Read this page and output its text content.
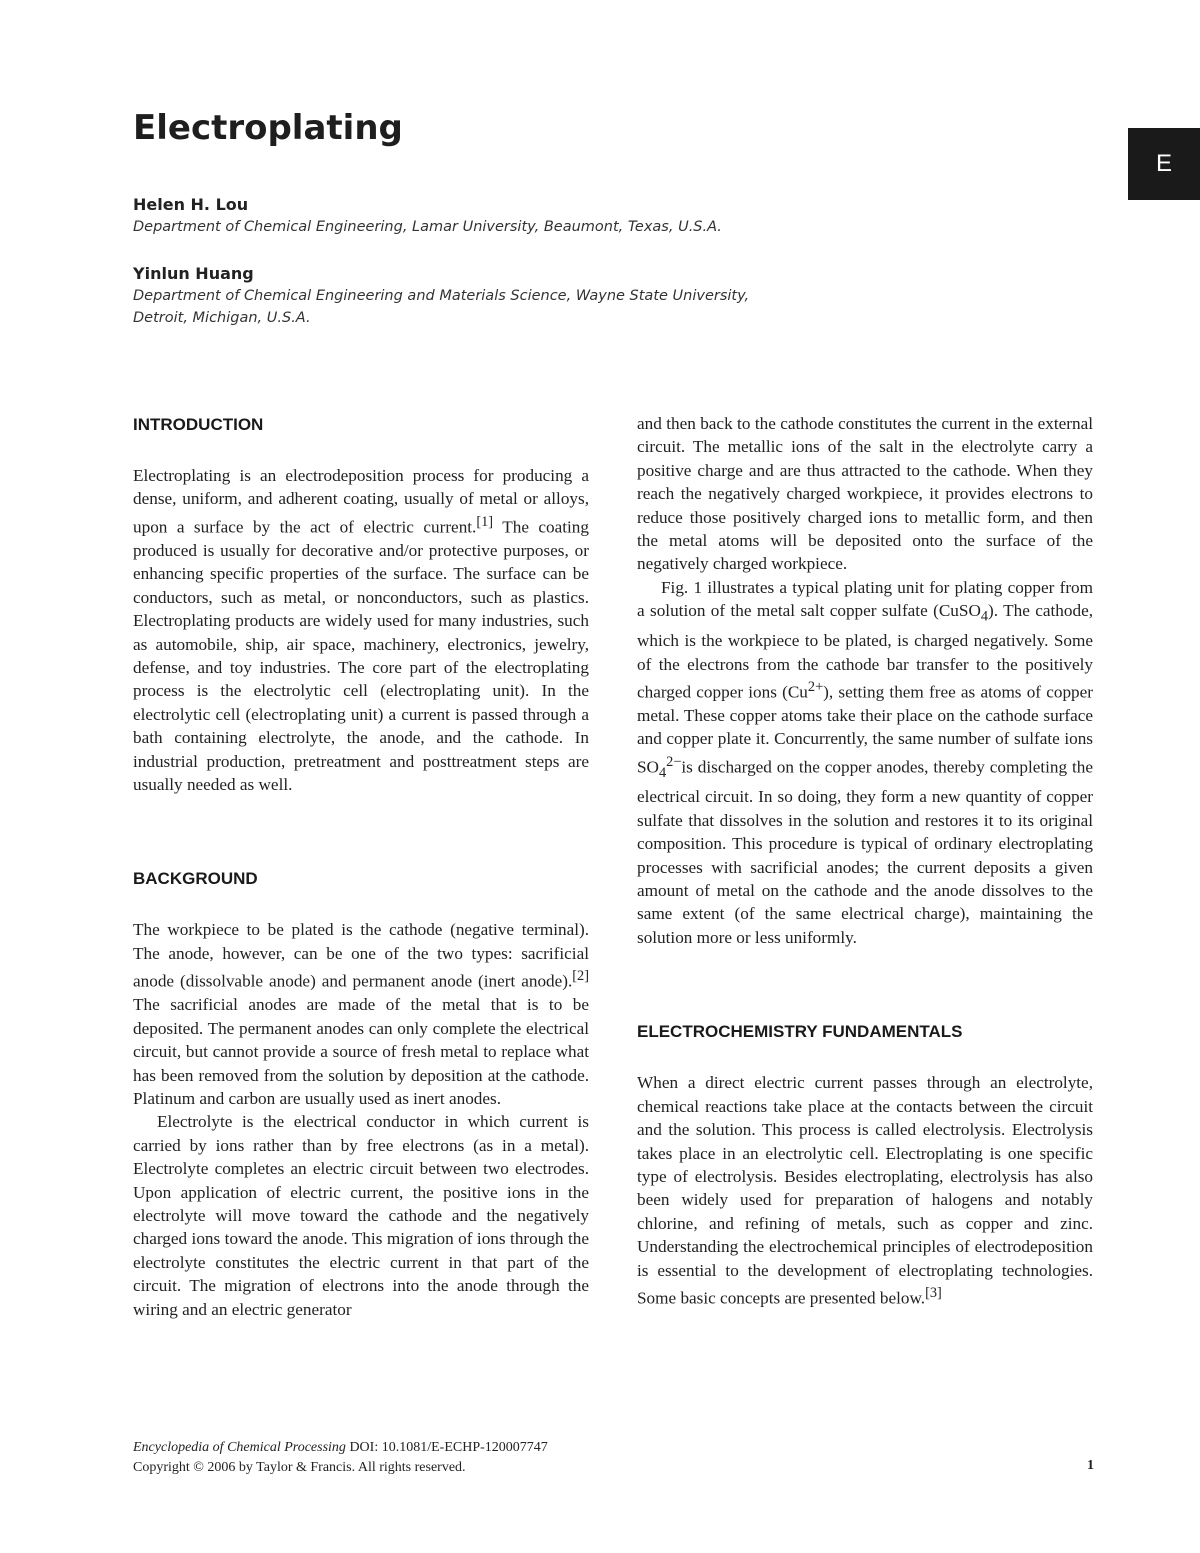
E
Electroplating

Helen H. Lou

Department of Chemical Engineering, Lamar University, Beaumont, Texas, U.S.A.

Yinlun Huang

Department of Chemical Engineering and Materials Science, Wayne State University,
Detroit, Michigan, U.S.A.
INTRODUCTION

Electroplating is an electrodeposition process for producing a dense, uniform, and adherent coating, usually of metal or alloys, upon a surface by the act of electric current.[1] The coating produced is usually for decorative and/or protective purposes, or enhancing specific properties of the surface. The surface can be conductors, such as metal, or nonconductors, such as plastics. Electroplating products are widely used for many industries, such as automobile, ship, air space, machinery, electronics, jewelry, defense, and toy industries. The core part of the electroplating process is the electrolytic cell (electroplating unit). In the electrolytic cell (electroplating unit) a current is passed through a bath containing electrolyte, the anode, and the cathode. In industrial production, pretreatment and posttreatment steps are usually needed as well.

BACKGROUND

The workpiece to be plated is the cathode (negative terminal). The anode, however, can be one of the two types: sacrificial anode (dissolvable anode) and permanent anode (inert anode).[2] The sacrificial anodes are made of the metal that is to be deposited. The permanent anodes can only complete the electrical circuit, but cannot provide a source of fresh metal to replace what has been removed from the solution by deposition at the cathode. Platinum and carbon are usually used as inert anodes.

Electrolyte is the electrical conductor in which current is carried by ions rather than by free electrons (as in a metal). Electrolyte completes an electric circuit between two electrodes. Upon application of electric current, the positive ions in the electrolyte will move toward the cathode and the negatively charged ions toward the anode. This migration of ions through the electrolyte constitutes the electric current in that part of the circuit. The migration of electrons into the anode through the wiring and an electric generator

and then back to the cathode constitutes the current in the external circuit. The metallic ions of the salt in the electrolyte carry a positive charge and are thus attracted to the cathode. When they reach the negatively charged workpiece, it provides electrons to reduce those positively charged ions to metallic form, and then the metal atoms will be deposited onto the surface of the negatively charged workpiece.

Fig. 1 illustrates a typical plating unit for plating copper from a solution of the metal salt copper sulfate (CuSO$_4$). The cathode, which is the workpiece to be plated, is charged negatively. Some of the electrons from the cathode bar transfer to the positively charged copper ions $(Cu^{2+})$, setting them free as atoms of copper metal. These copper atoms take their place on the cathode surface and copper plate it. Concurrently, the same number of sulfate ions $SO_4^{2-}is$ discharged on the copper anodes, thereby completing the electrical circuit. In so doing, they form a new quantity of copper sulfate that dissolves in the solution and restores it to its original composition. This procedure is typical of ordinary electroplating processes with sacrificial anodes; the current deposits a given amount of metal on the cathode and the anode dissolves to the same extent (of the same electrical charge), maintaining the solution more or less uniformly.

ELECTROCHEMISTRY FUNDAMENTALS

When a direct electric current passes through an electrolyte, chemical reactions take place at the contacts between the circuit and the solution. This process is called electrolysis. Electrolysis takes place in an electrolytic cell. Electroplating is one specific type of electrolysis. Besides electroplating, electrolysis has also been widely used for preparation of halogens and notably chlorine, and refining of metals, such as copper and zinc. Understanding the electrochemical principles of electrodeposition is essential to the development of electroplating technologies. Some basic concepts are presented below.[3]

Encyclopedia of Chemical Processing DOI: 10.1081/E-ECHP-120007747
Copyright © 2006 by Taylor & Francis. All rights reserved.	1
